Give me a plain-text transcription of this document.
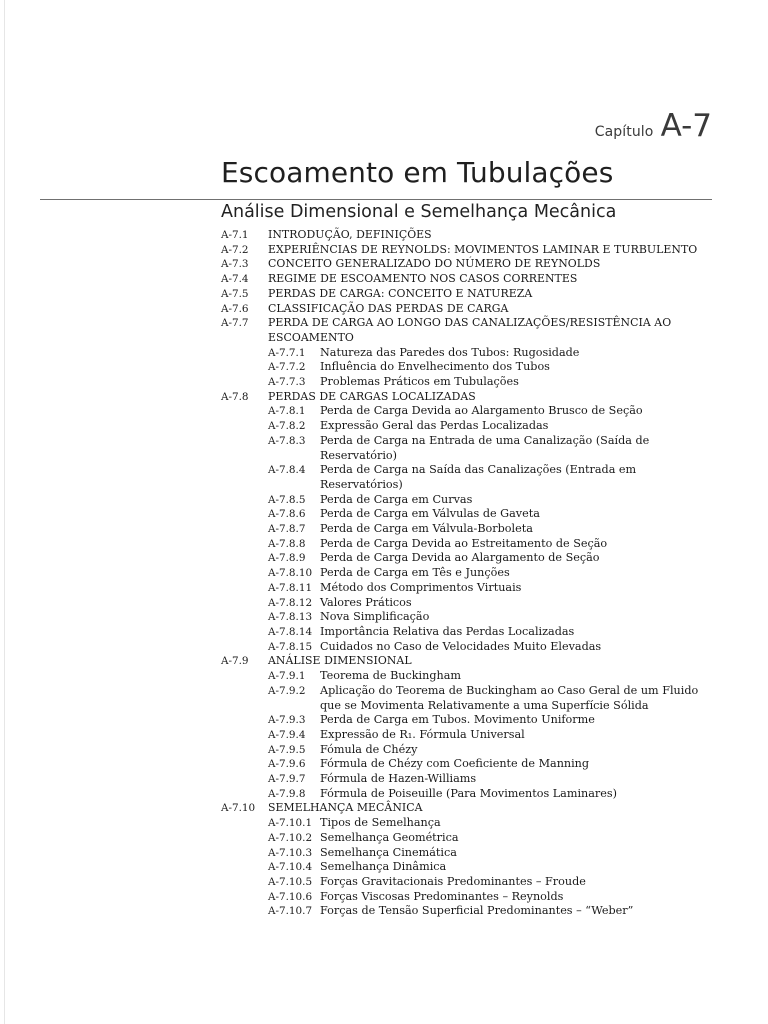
Capítulo A-7
Escoamento em Tubulações
Análise Dimensional e Semelhança Mecânica
A-7.1	INTRODUÇÃO, DEFINIÇÕES
A-7.2	EXPERIÊNCIAS DE REYNOLDS: MOVIMENTOS LAMINAR E TURBULENTO
A-7.3	CONCEITO GENERALIZADO DO NÚMERO DE REYNOLDS
A-7.4	REGIME DE ESCOAMENTO NOS CASOS CORRENTES
A-7.5	PERDAS DE CARGA: CONCEITO E NATUREZA
A-7.6	CLASSIFICAÇÃO DAS PERDAS DE CARGA
A-7.7	PERDA DE CARGA AO LONGO DAS CANALIZAÇÕES/RESISTÊNCIA AO ESCOAMENTO
A-7.7.1	Natureza das Paredes dos Tubos: Rugosidade
A-7.7.2	Influência do Envelhecimento dos Tubos
A-7.7.3	Problemas Práticos em Tubulações
A-7.8	PERDAS DE CARGAS LOCALIZADAS
A-7.8.1	Perda de Carga Devida ao Alargamento Brusco de Seção
A-7.8.2	Expressão Geral das Perdas Localizadas
A-7.8.3	Perda de Carga na Entrada de uma Canalização (Saída de Reservatório)
A-7.8.4	Perda de Carga na Saída das Canalizações (Entrada em Reservatórios)
A-7.8.5	Perda de Carga em Curvas
A-7.8.6	Perda de Carga em Válvulas de Gaveta
A-7.8.7	Perda de Carga em Válvula-Borboleta
A-7.8.8	Perda de Carga Devida ao Estreitamento de Seção
A-7.8.9	Perda de Carga Devida ao Alargamento de Seção
A-7.8.10 Perda de Carga em Tês e Junções
A-7.8.11 Método dos Comprimentos Virtuais
A-7.8.12 Valores Práticos
A-7.8.13 Nova Simplificação
A-7.8.14 Importância Relativa das Perdas Localizadas
A-7.8.15 Cuidados no Caso de Velocidades Muito Elevadas
A-7.9	ANÁLISE DIMENSIONAL
A-7.9.1	Teorema de Buckingham
A-7.9.2	Aplicação do Teorema de Buckingham ao Caso Geral de um Fluido que se Movimenta Relativamente a uma Superfície Sólida
A-7.9.3	Perda de Carga em Tubos. Movimento Uniforme
A-7.9.4	Expressão de R₁. Fórmula Universal
A-7.9.5	Fómula de Chézy
A-7.9.6	Fórmula de Chézy com Coeficiente de Manning
A-7.9.7	Fórmula de Hazen-Williams
A-7.9.8	Fórmula de Poiseuille (Para Movimentos Laminares)
A-7.10	SEMELHANÇA MECÂNICA
A-7.10.1 Tipos de Semelhança
A-7.10.2 Semelhança Geométrica
A-7.10.3 Semelhança Cinemática
A-7.10.4 Semelhança Dinâmica
A-7.10.5 Forças Gravitacionais Predominantes – Froude
A-7.10.6 Forças Viscosas Predominantes – Reynolds
A-7.10.7 Forças de Tensão Superficial Predominantes – “Weber”
